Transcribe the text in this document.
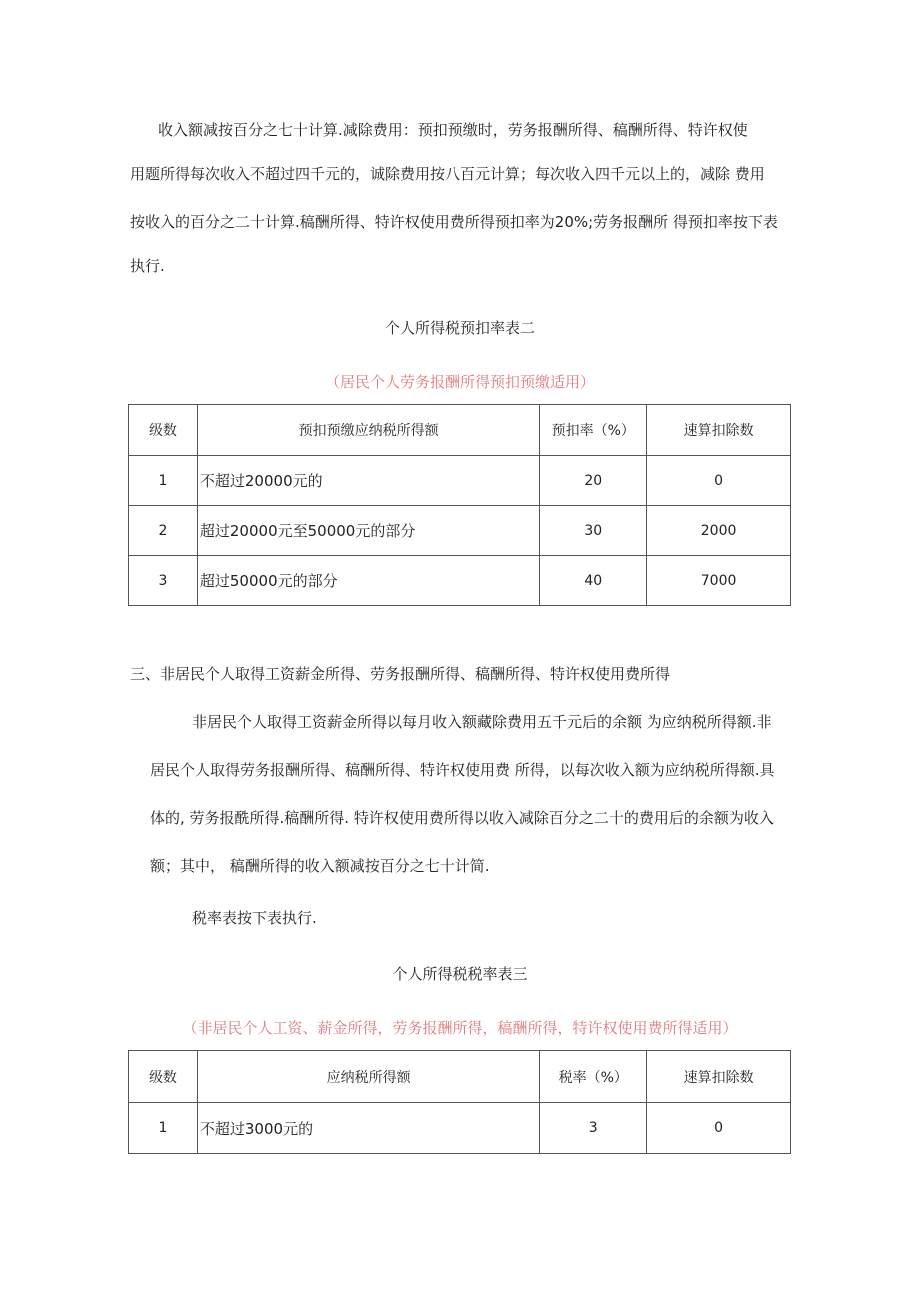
收入额减按百分之七十计算.减除费用：预扣预缴时，劳务报酬所得、稿酬所得、特许权使
用题所得每次收入不超过四千元的，诚除费用按八百元计算；每次收入四千元以上的，减除 费用
按收入的百分之二十计算.稿酬所得、特许权使用费所得预扣率为20%;劳务报酬所 得预扣率按下表
执行.
个人所得税预扣率表二
（居民个人劳务报酬所得预扣预缴适用）
级数	预扣预缴应纳税所得额	预扣率（%）	速算扣除数
1	不超过20000元的	20	0
2	超过20000元至50000元的部分	30	2000
3	超过50000元的部分	40	7000
三、非居民个人取得工资薪金所得、劳务报酬所得、稿酬所得、特许权使用费所得
非居民个人取得工资薪金所得以每月收入额藏除费用五千元后的余额 为应纳税所得额.非
居民个人取得劳务报酬所得、稿酬所得、特许权使用费 所得，以每次收入额为应纳税所得额.具
体的, 劳务报酰所得.稿酬所得. 特许权使用费所得以收入减除百分之二十的费用后的余额为收入
额；其中， 稿酬所得的收入额减按百分之七十计简.
税率表按下表执行.
个人所得税税率表三
（非居民个人工资、薪金所得，劳务报酬所得，稿酬所得，特许权使用费所得适用）
级数	应纳税所得额	税率（%）	速算扣除数
1	不超过3000元的	3	0
